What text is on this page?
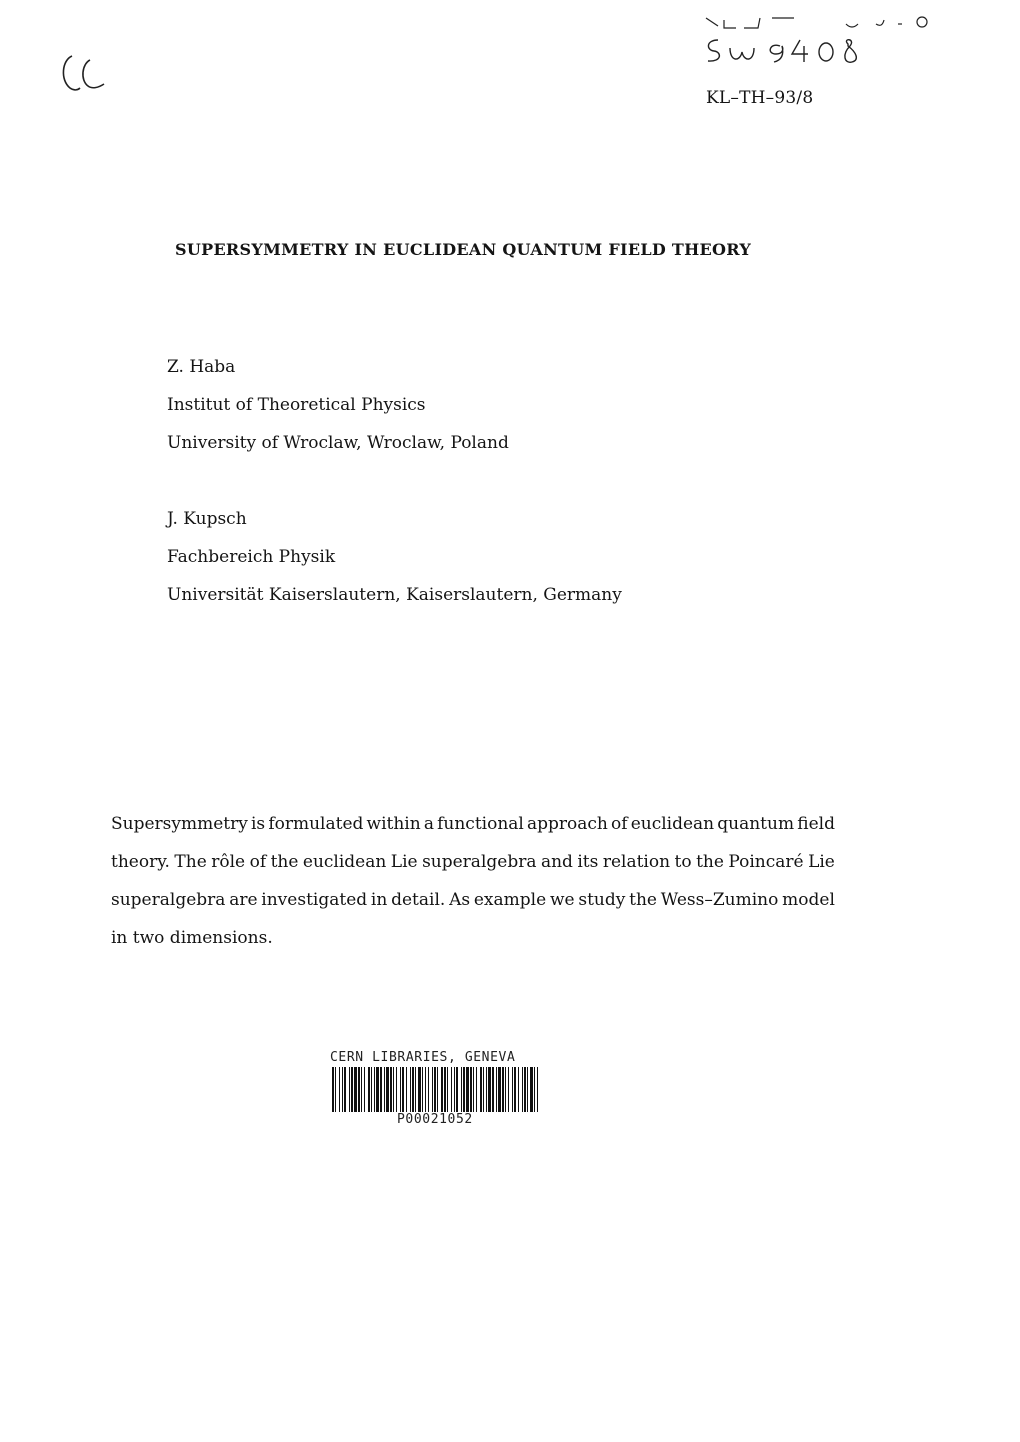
KL–TH–93/8
SUPERSYMMETRY IN EUCLIDEAN QUANTUM FIELD THEORY
Z. Haba
Institut of Theoretical Physics
University of Wroclaw, Wroclaw, Poland
J. Kupsch
Fachbereich Physik
Universität Kaiserslautern, Kaiserslautern, Germany
Supersymmetry is formulated within a functional approach of euclidean quantum field
theory. The rôle of the euclidean Lie superalgebra and its relation to the Poincaré Lie
superalgebra are investigated in detail. As example we study the Wess–Zumino model
in two dimensions.
CERN LIBRARIES, GENEVA
P00021052
